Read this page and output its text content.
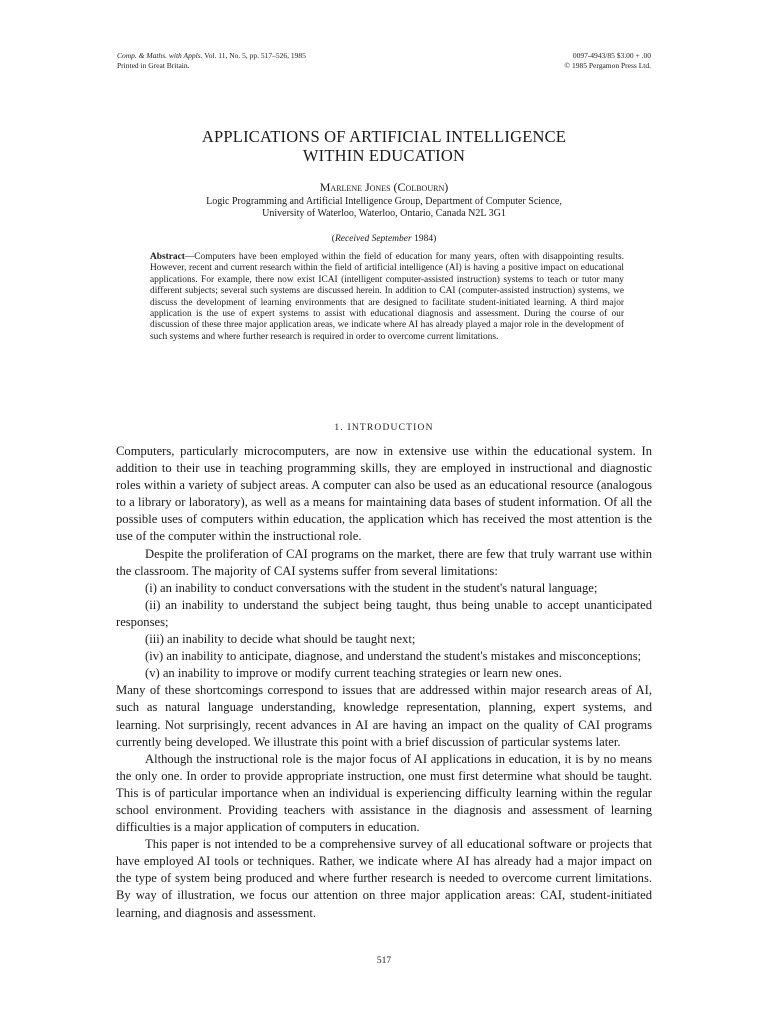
Comp. & Maths. with Appls. Vol. 11, No. 5, pp. 517–526, 1985
Printed in Great Britain.
0097-4943/85 $3.00 + .00
© 1985 Pergamon Press Ltd.
APPLICATIONS OF ARTIFICIAL INTELLIGENCE
WITHIN EDUCATION
Marlene Jones (Colbourn)
Logic Programming and Artificial Intelligence Group, Department of Computer Science,
University of Waterloo, Waterloo, Ontario, Canada N2L 3G1
(Received September 1984)
Abstract—Computers have been employed within the field of education for many years, often with disappointing results. However, recent and current research within the field of artificial intelligence (AI) is having a positive impact on educational applications. For example, there now exist ICAI (intelligent computer-assisted instruction) systems to teach or tutor many different subjects; several such systems are discussed herein. In addition to CAI (computer-assisted instruction) systems, we discuss the development of learning environments that are designed to facilitate student-initiated learning. A third major application is the use of expert systems to assist with educational diagnosis and assessment. During the course of our discussion of these three major application areas, we indicate where AI has already played a major role in the development of such systems and where further research is required in order to overcome current limitations.
1. INTRODUCTION

Computers, particularly microcomputers, are now in extensive use within the educational system. In addition to their use in teaching programming skills, they are employed in instructional and diagnostic roles within a variety of subject areas. A computer can also be used as an educational resource (analogous to a library or laboratory), as well as a means for maintaining data bases of student information. Of all the possible uses of computers within education, the application which has received the most attention is the use of the computer within the instructional role.

Despite the proliferation of CAI programs on the market, there are few that truly warrant use within the classroom. The majority of CAI systems suffer from several limitations:

(i) an inability to conduct conversations with the student in the student's natural language;

(ii) an inability to understand the subject being taught, thus being unable to accept unanticipated responses;

(iii) an inability to decide what should be taught next;

(iv) an inability to anticipate, diagnose, and understand the student's mistakes and misconceptions;

(v) an inability to improve or modify current teaching strategies or learn new ones.

Many of these shortcomings correspond to issues that are addressed within major research areas of AI, such as natural language understanding, knowledge representation, planning, expert systems, and learning. Not surprisingly, recent advances in AI are having an impact on the quality of CAI programs currently being developed. We illustrate this point with a brief discussion of particular systems later.

Although the instructional role is the major focus of AI applications in education, it is by no means the only one. In order to provide appropriate instruction, one must first determine what should be taught. This is of particular importance when an individual is experiencing difficulty learning within the regular school environment. Providing teachers with assistance in the diagnosis and assessment of learning difficulties is a major application of computers in education.

This paper is not intended to be a comprehensive survey of all educational software or projects that have employed AI tools or techniques. Rather, we indicate where AI has already had a major impact on the type of system being produced and where further research is needed to overcome current limitations. By way of illustration, we focus our attention on three major application areas: CAI, student-initiated learning, and diagnosis and assessment.

517
